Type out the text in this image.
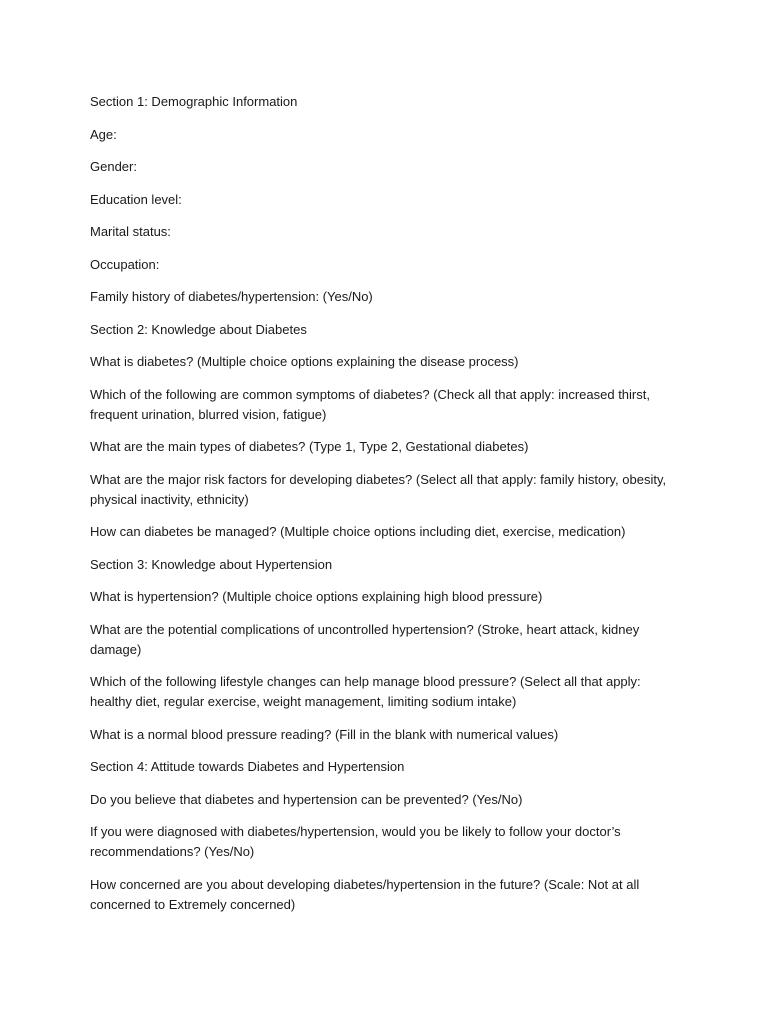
Section 1: Demographic Information

Age:

Gender:

Education level:

Marital status:

Occupation:

Family history of diabetes/hypertension: (Yes/No)

Section 2: Knowledge about Diabetes

What is diabetes? (Multiple choice options explaining the disease process)

Which of the following are common symptoms of diabetes? (Check all that apply: increased thirst, frequent urination, blurred vision, fatigue)

What are the main types of diabetes? (Type 1, Type 2, Gestational diabetes)

What are the major risk factors for developing diabetes? (Select all that apply: family history, obesity, physical inactivity, ethnicity)

How can diabetes be managed? (Multiple choice options including diet, exercise, medication)

Section 3: Knowledge about Hypertension

What is hypertension? (Multiple choice options explaining high blood pressure)

What are the potential complications of uncontrolled hypertension? (Stroke, heart attack, kidney damage)

Which of the following lifestyle changes can help manage blood pressure? (Select all that apply: healthy diet, regular exercise, weight management, limiting sodium intake)

What is a normal blood pressure reading? (Fill in the blank with numerical values)

Section 4: Attitude towards Diabetes and Hypertension

Do you believe that diabetes and hypertension can be prevented? (Yes/No)

If you were diagnosed with diabetes/hypertension, would you be likely to follow your doctor’s recommendations? (Yes/No)

How concerned are you about developing diabetes/hypertension in the future? (Scale: Not at all concerned to Extremely concerned)
